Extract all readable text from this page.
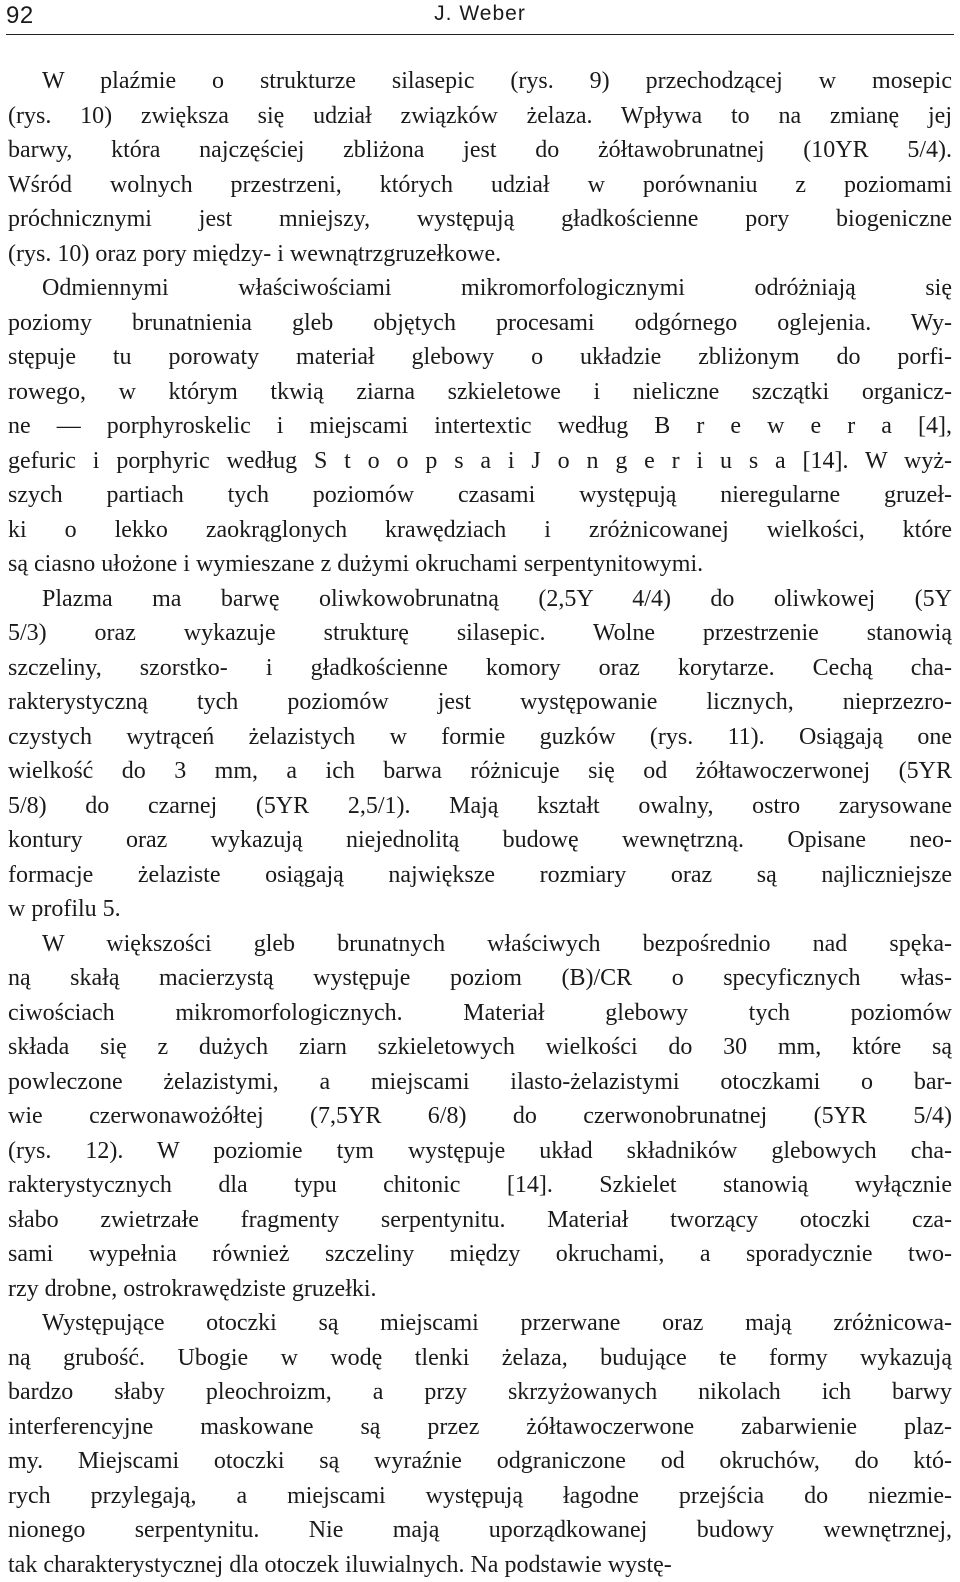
92	J. Weber
W plaźmie o strukturze silasepic (rys. 9) przechodzącej w mosepic
(rys. 10) zwiększa się udział związków żelaza. Wpływa to na zmianę jej
barwy, która najczęściej zbliżona jest do żółtawobrunatnej (10YR 5/4).
Wśród wolnych przestrzeni, których udział w porównaniu z poziomami
próchnicznymi jest mniejszy, występują gładkościenne pory biogeniczne
(rys. 10) oraz pory między- i wewnątrzgruzełkowe.
Odmiennymi właściwościami mikromorfologicznymi odróżniają się
poziomy brunatnienia gleb objętych procesami odgórnego oglejenia. Wy-
stępuje tu porowaty materiał glebowy o układzie zbliżonym do porfi-
rowego, w którym tkwią ziarna szkieletowe i nieliczne szczątki organicz-
ne — porphyroskelic i miejscami intertextic według B r e w e r a [4],
gefuric i porphyric według S t o o p s a i J o n g e r i u s a [14]. W wyż-
szych partiach tych poziomów czasami występują nieregularne gruzeł-
ki o lekko zaokrąglonych krawędziach i zróżnicowanej wielkości, które
są ciasno ułożone i wymieszane z dużymi okruchami serpentynitowymi.
Plazma ma barwę oliwkowobrunatną (2,5Y 4/4) do oliwkowej (5Y
5/3) oraz wykazuje strukturę silasepic. Wolne przestrzenie stanowią
szczeliny, szorstko- i gładkościenne komory oraz korytarze. Cechą cha-
rakterystyczną tych poziomów jest występowanie licznych, nieprzezro-
czystych wytrąceń żelazistych w formie guzków (rys. 11). Osiągają one
wielkość do 3 mm, a ich barwa różnicuje się od żółtawoczerwonej (5YR
5/8) do czarnej (5YR 2,5/1). Mają kształt owalny, ostro zarysowane
kontury oraz wykazują niejednolitą budowę wewnętrzną. Opisane neo-
formacje żelaziste osiągają największe rozmiary oraz są najliczniejsze
w profilu 5.
W większości gleb brunatnych właściwych bezpośrednio nad spęka-
ną skałą macierzystą występuje poziom (B)/CR o specyficznych włas-
ciwościach mikromorfologicznych. Materiał glebowy tych poziomów
składa się z dużych ziarn szkieletowych wielkości do 30 mm, które są
powleczone żelazistymi, a miejscami ilasto-żelazistymi otoczkami o bar-
wie czerwonawożółtej (7,5YR 6/8) do czerwonobrunatnej (5YR 5/4)
(rys. 12). W poziomie tym występuje układ składników glebowych cha-
rakterystycznych dla typu chitonic [14]. Szkielet stanowią wyłącznie
słabo zwietrzałe fragmenty serpentynitu. Materiał tworzący otoczki cza-
sami wypełnia również szczeliny między okruchami, a sporadycznie two-
rzy drobne, ostrokrawędziste gruzełki.
Występujące otoczki są miejscami przerwane oraz mają zróżnicowa-
ną grubość. Ubogie w wodę tlenki żelaza, budujące te formy wykazują
bardzo słaby pleochroizm, a przy skrzyżowanych nikolach ich barwy
interferencyjne maskowane są przez żółtawoczerwone zabarwienie plaz-
my. Miejscami otoczki są wyraźnie odgraniczone od okruchów, do któ-
rych przylegają, a miejscami występują łagodne przejścia do niezmie-
nionego serpentynitu. Nie mają uporządkowanej budowy wewnętrznej,
tak charakterystycznej dla otoczek iluwialnych. Na podstawie wystę-
